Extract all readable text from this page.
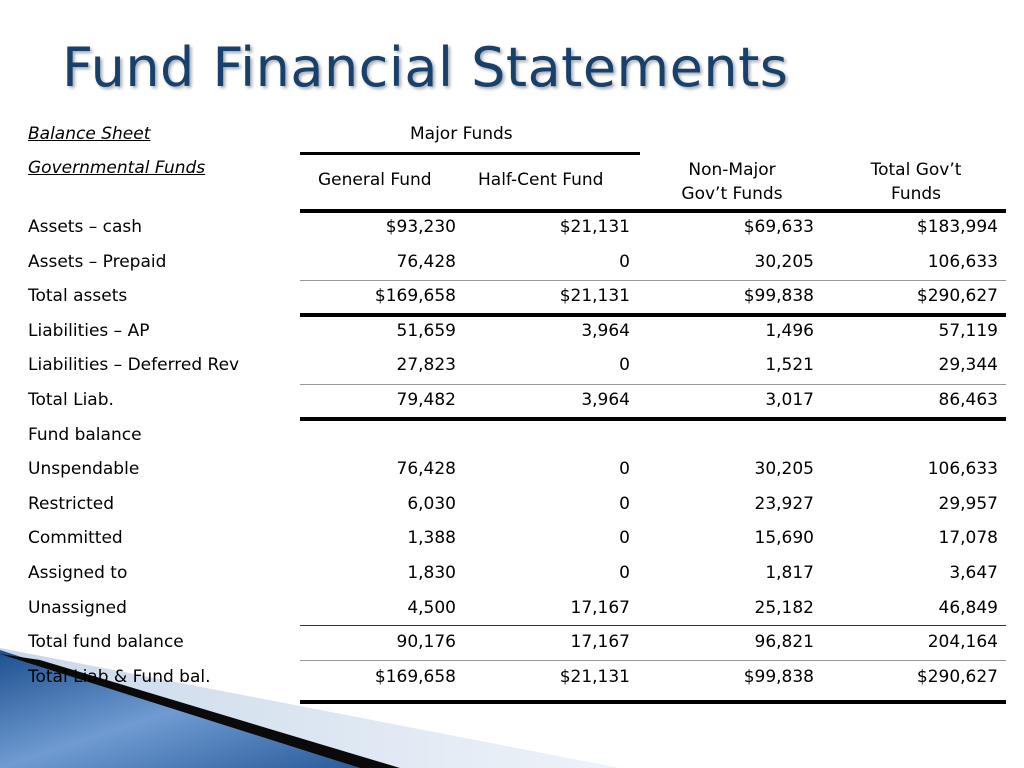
Fund Financial Statements
Balance Sheet
Governmental Funds
Major Funds
General Fund	Half-Cent Fund	Non-Major
Gov’t Funds
Total Gov’t
Funds
Assets – cash	$93,230	$21,131	$69,633	$183,994
Assets – Prepaid	76,428	0	30,205	106,633
Total assets	$169,658	$21,131	$99,838	$290,627
Liabilities – AP	51,659	3,964	1,496	57,119
Liabilities – Deferred Rev	27,823	0	1,521	29,344
Total Liab.	79,482	3,964	3,017	86,463
Fund balance
Unspendable	76,428	0	30,205	106,633
Restricted	6,030	0	23,927	29,957
Committed	1,388	0	15,690	17,078
Assigned to	1,830	0	1,817	3,647
Unassigned	4,500	17,167	25,182	46,849
Total fund balance	90,176	17,167	96,821	204,164
Total Liab & Fund bal.	$169,658	$21,131	$99,838	$290,627
